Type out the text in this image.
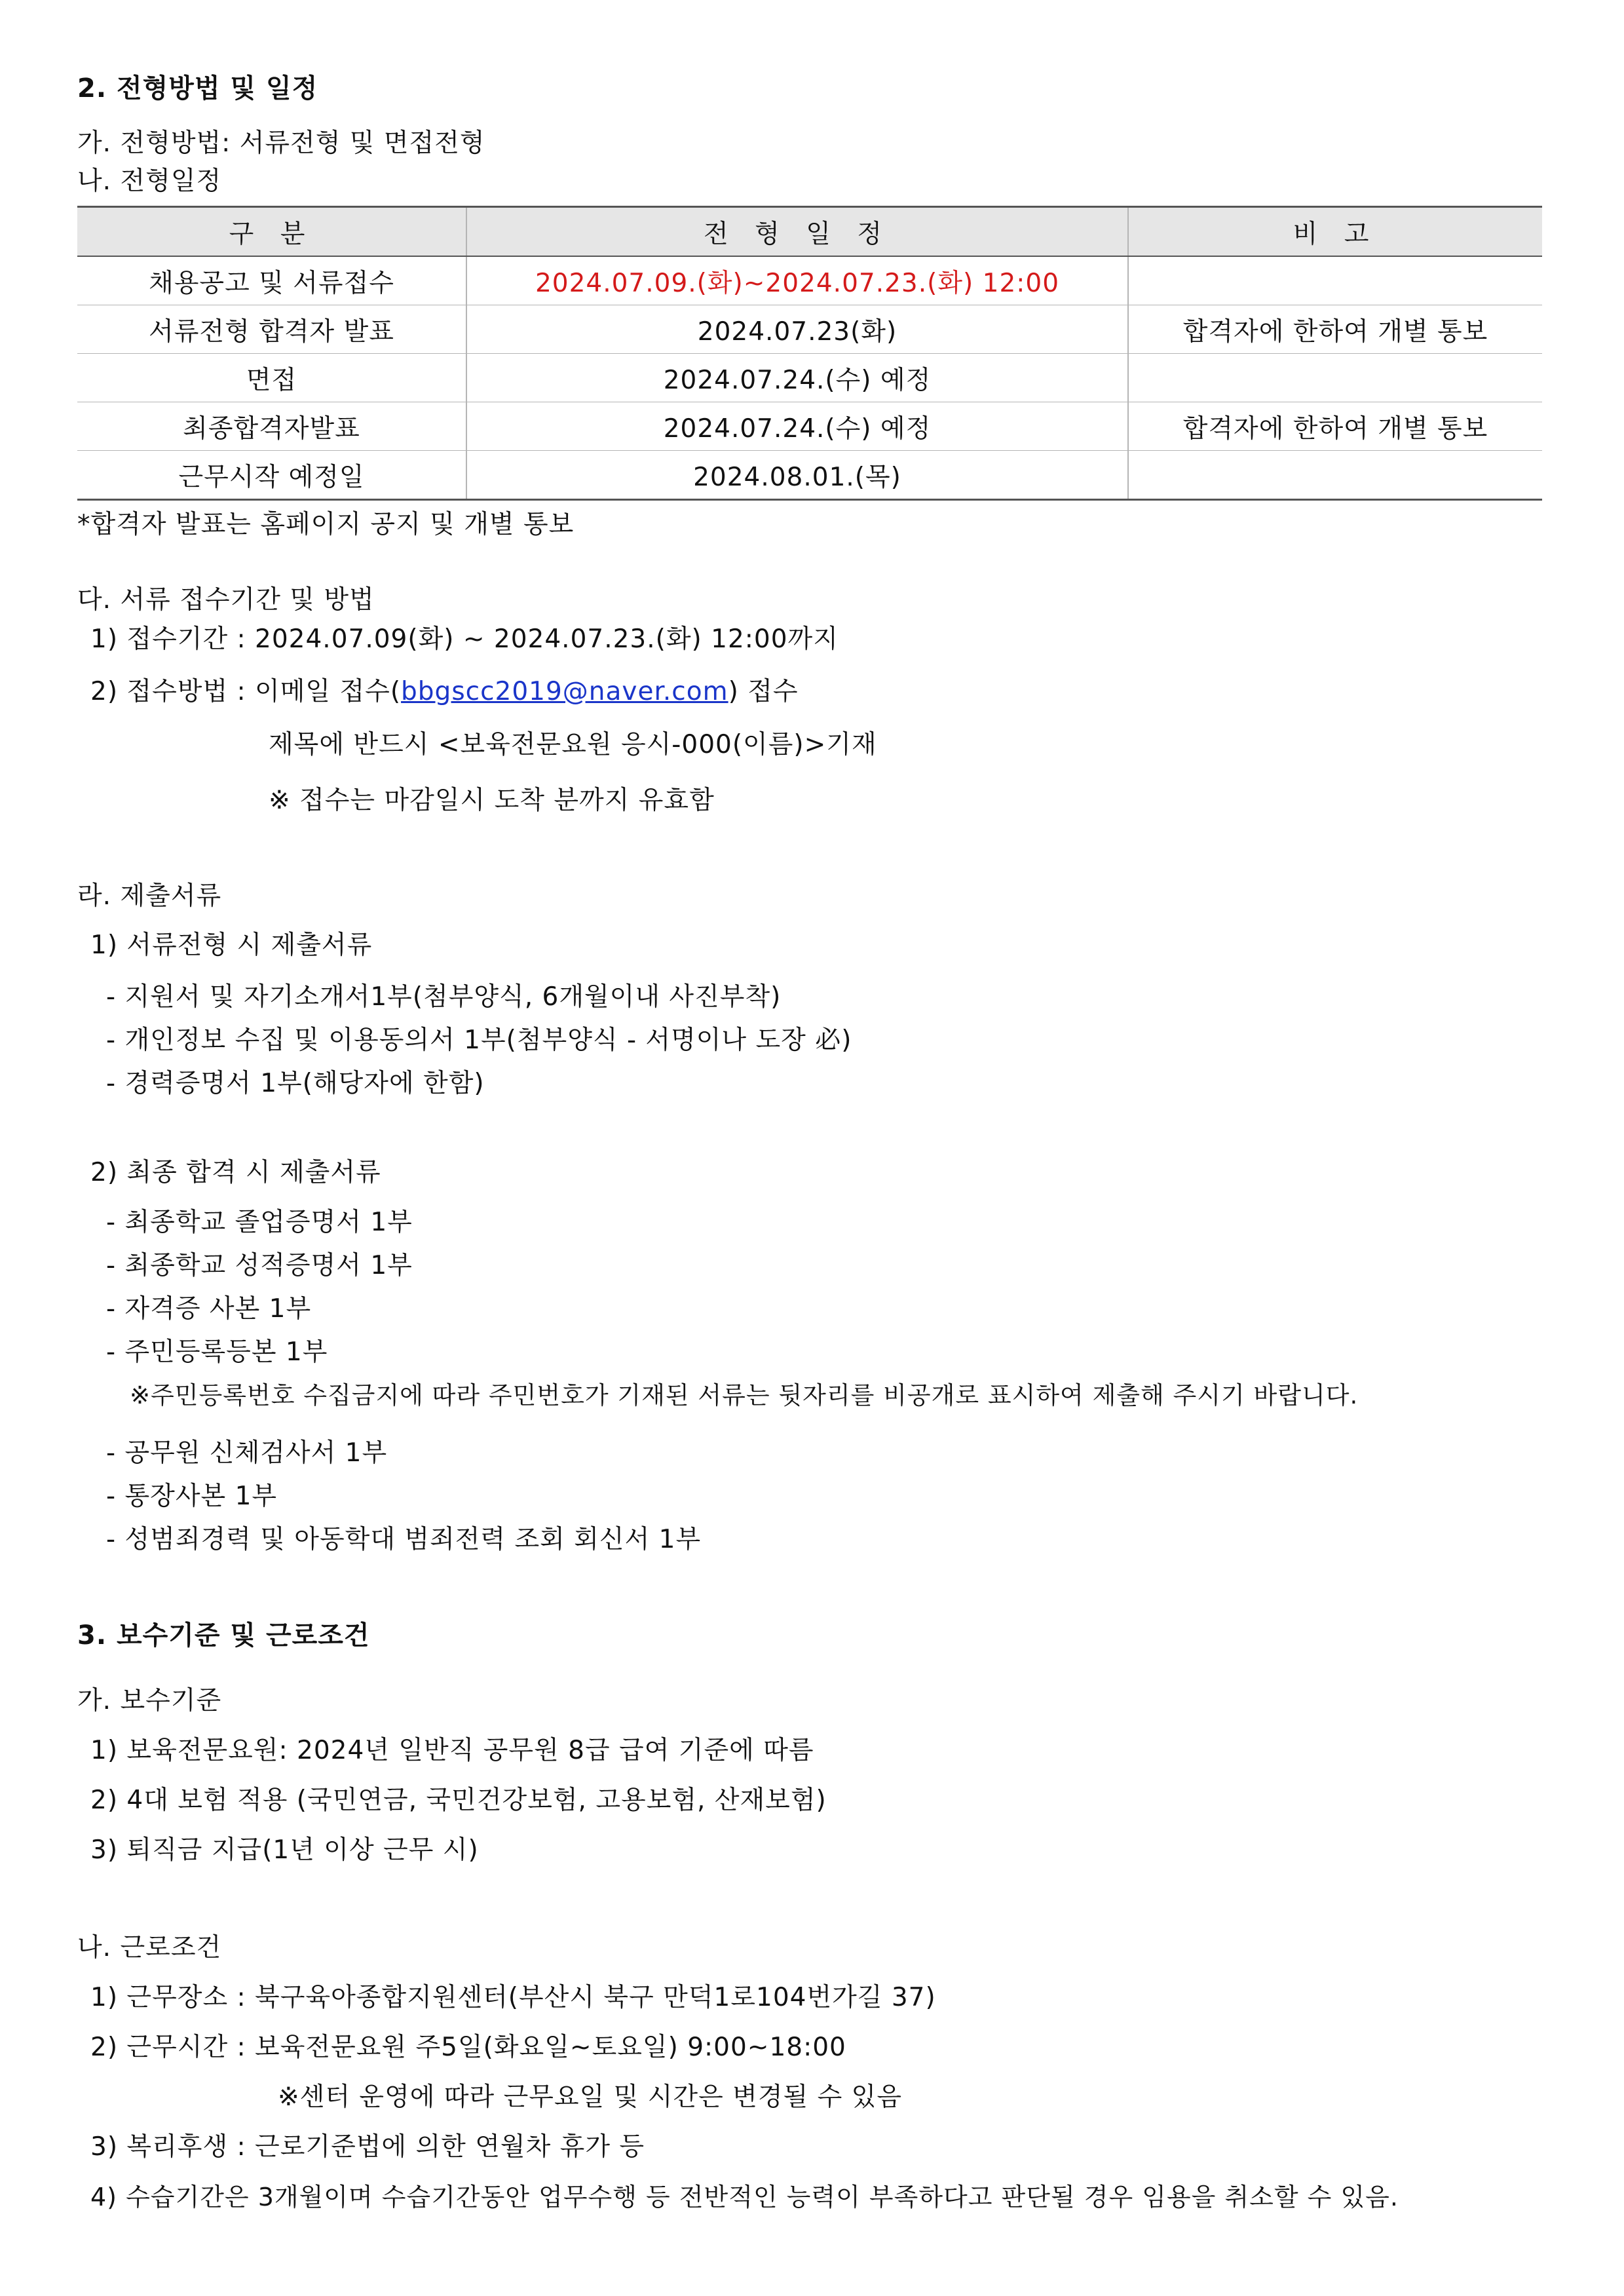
2. 전형방법 및 일정
가. 전형방법: 서류전형 및 면접전형
나. 전형일정
구 분	전 형 일 정	비 고
채용공고 및 서류접수	2024.07.09.(화)~2024.07.23.(화) 12:00	
서류전형 합격자 발표	2024.07.23(화)	합격자에 한하여 개별 통보
면접	2024.07.24.(수) 예정	
최종합격자발표	2024.07.24.(수) 예정	합격자에 한하여 개별 통보
근무시작 예정일	2024.08.01.(목)	
*합격자 발표는 홈페이지 공지 및 개별 통보
다. 서류 접수기간 및 방법
1) 접수기간 : 2024.07.09(화) ~ 2024.07.23.(화) 12:00까지
2) 접수방법 : 이메일 접수(bbgscc2019@naver.com) 접수
제목에 반드시 <보육전문요원 응시-000(이름)>기재
※ 접수는 마감일시 도착 분까지 유효함
라. 제출서류
1) 서류전형 시 제출서류
- 지원서 및 자기소개서1부(첨부양식, 6개월이내 사진부착)
- 개인정보 수집 및 이용동의서 1부(첨부양식 - 서명이나 도장 必)
- 경력증명서 1부(해당자에 한함)
2) 최종 합격 시 제출서류
- 최종학교 졸업증명서 1부
- 최종학교 성적증명서 1부
- 자격증 사본 1부
- 주민등록등본 1부
※주민등록번호 수집금지에 따라 주민번호가 기재된 서류는 뒷자리를 비공개로 표시하여 제출해 주시기 바랍니다.
- 공무원 신체검사서 1부
- 통장사본 1부
- 성범죄경력 및 아동학대 범죄전력 조회 회신서 1부
3. 보수기준 및 근로조건
가. 보수기준
1) 보육전문요원: 2024년 일반직 공무원 8급 급여 기준에 따름
2) 4대 보험 적용 (국민연금, 국민건강보험, 고용보험, 산재보험)
3) 퇴직금 지급(1년 이상 근무 시)
나. 근로조건
1) 근무장소 : 북구육아종합지원센터(부산시 북구 만덕1로104번가길 37)
2) 근무시간 : 보육전문요원 주5일(화요일~토요일) 9:00~18:00
※센터 운영에 따라 근무요일 및 시간은 변경될 수 있음
3) 복리후생 : 근로기준법에 의한 연월차 휴가 등
4) 수습기간은 3개월이며 수습기간동안 업무수행 등 전반적인 능력이 부족하다고 판단될 경우 임용을 취소할 수 있음.
